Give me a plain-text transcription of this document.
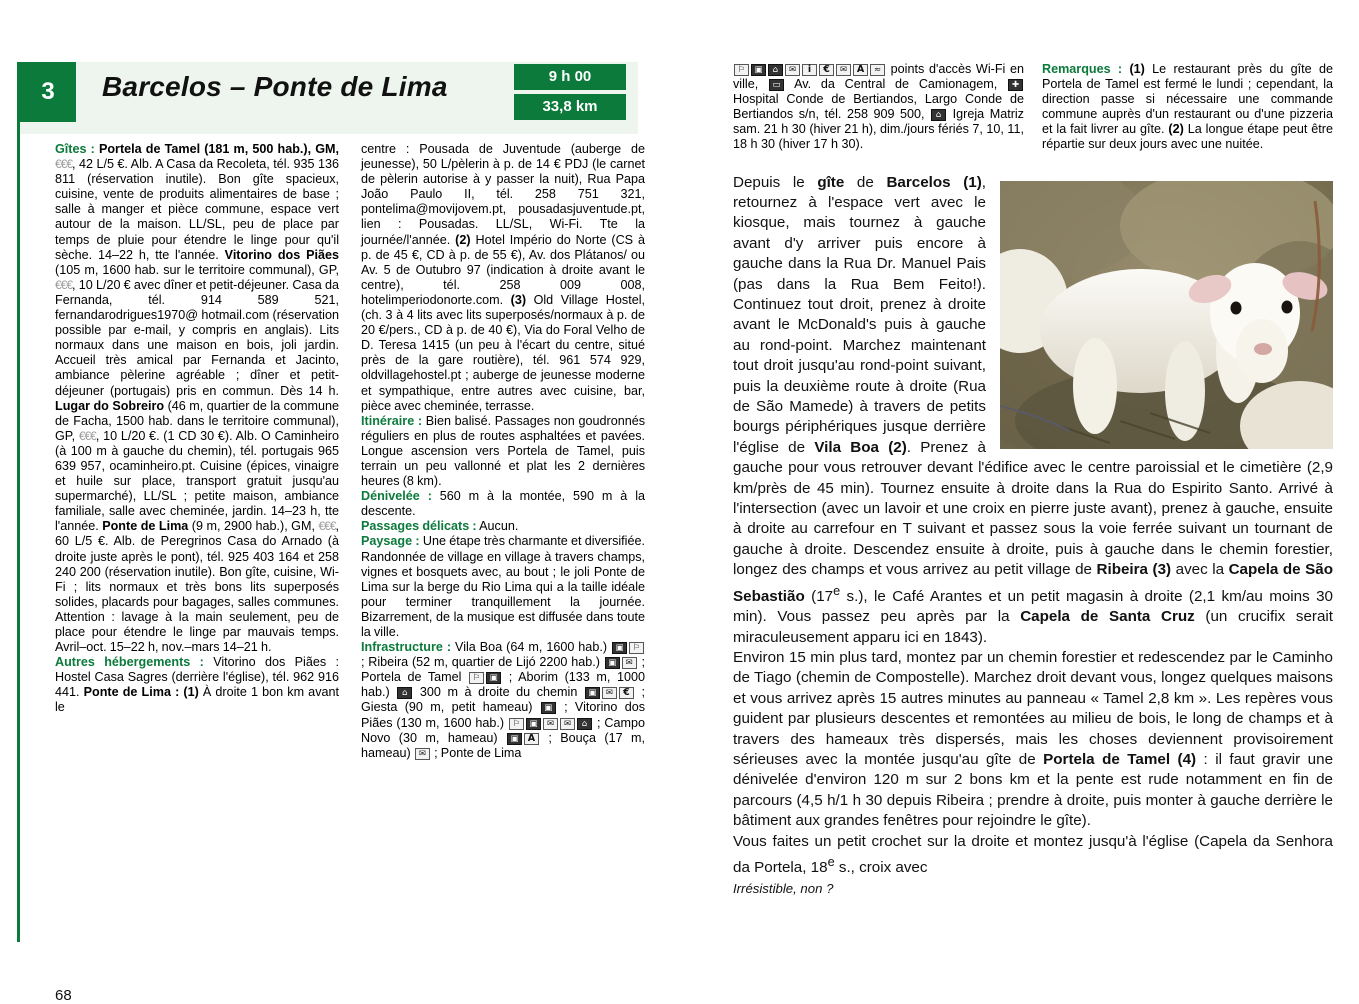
3	Barcelos – Ponte de Lima	9 h 00
33,8 km

Gîtes : Portela de Tamel (181 m, 500 hab.), GM, €€€, 42 L/5 €. Alb. A Casa da Recoleta, tél. 935 136 811 (réservation inutile). Bon gîte spacieux, cuisine, vente de produits alimentaires de base ; salle à manger et pièce commune, espace vert autour de la maison. LL/SL, peu de place par temps de pluie pour étendre le linge pour qu'il sèche. 14–22 h, tte l'année. Vitorino dos Piães (105 m, 1600 hab. sur le territoire communal), GP, €€€, 10 L/20 € avec dîner et petit-déjeuner. Casa da Fernanda, tél. 914 589 521, fernandarodrigues1970@ hotmail.com (réservation possible par e-mail, y compris en anglais). Lits normaux dans une maison en bois, joli jardin. Accueil très amical par Fernanda et Jacinto, ambiance pèlerine agréable ; dîner et petit-déjeuner (portugais) pris en commun. Dès 14 h. Lugar do Sobreiro (46 m, quartier de la commune de Facha, 1500 hab. dans le territoire communal), GP, €€€, 10 L/20 €. (1 CD 30 €). Alb. O Caminheiro (à 100 m à gauche du chemin), tél. portugais 965 639 957, ocaminheiro.pt. Cuisine (épices, vinaigre et huile sur place, transport gratuit jusqu'au supermarché), LL/SL ; petite maison, ambiance familiale, salle avec cheminée, jardin. 14–23 h, tte l'année. Ponte de Lima (9 m, 2900 hab.), GM, €€€, 60 L/5 €. Alb. de Peregrinos Casa do Arnado (à droite juste après le pont), tél. 925 403 164 et 258 240 200 (réservation inutile). Bon gîte, cuisine, Wi-Fi ; lits normaux et très bons lits superposés solides, placards pour bagages, salles communes. Attention : lavage à la main seulement, peu de place pour étendre le linge par mauvais temps. Avril–oct. 15–22 h, nov.–mars 14–21 h.

Autres hébergements : Vitorino dos Piães : Hostel Casa Sagres (derrière l'église), tél. 962 916 441. Ponte de Lima : (1) À droite 1 bon km avant le

centre : Pousada de Juventude (auberge de jeunesse), 50 L/pèlerin à p. de 14 € PDJ (le carnet de pèlerin autorise à y passer la nuit), Rua Papa João Paulo II, tél. 258 751 321, pontelima@movijovem.pt, pousadasjuventude.pt, lien : Pousadas. LL/SL, Wi-Fi. Tte la journée/l'année. (2) Hotel Império do Norte (CS à p. de 45 €, CD à p. de 55 €), Av. dos Plátanos/ ou Av. 5 de Outubro 97 (indication à droite avant le centre), tél. 258 009 008, hotelimperiodonorte.com. (3) Old Village Hostel, (ch. 3 à 4 lits avec lits superposés/normaux à p. de 20 €/pers., CD à p. de 40 €), Via do Foral Velho de D. Teresa 1415 (un peu à l'écart du centre, situé près de la gare routière), tél. 961 574 929, oldvillagehostel.pt ; auberge de jeunesse moderne et sympathique, entre autres avec cuisine, bar, pièce avec cheminée, terrasse.

Itinéraire : Bien balisé. Passages non goudronnés réguliers en plus de routes asphaltées et pavées. Longue ascension vers Portela de Tamel, puis terrain un peu vallonné et plat les 2 dernières heures (8 km).

Dénivelée : 560 m à la montée, 590 m à la descente.

Passages délicats : Aucun.

Paysage : Une étape très charmante et diversifiée. Randonnée de village en village à travers champs, vignes et bosquets avec, au bout ; le joli Ponte de Lima sur la berge du Rio Lima qui a la taille idéale pour terminer tranquillement la journée. Bizarrement, de la musique est diffusée dans toute la ville.

Infrastructure : Vila Boa (64 m, 1600 hab.) ▣ ⚐ ; Ribeira (52 m, quartier de Lijó 2200 hab.) ▣ ✉ ; Portela de Tamel ⚐ ▣ ; Aborim (133 m, 1000 hab.) ⌂ 300 m à droite du chemin ▣ ✉ € ; Giesta (90 m, petit hameau) ▣ ; Vitorino dos Piães (130 m, 1600 hab.) ⚐ ▣ ✉ ✉ ⌂ ; Campo Novo (30 m, hameau) ▣ A ; Bouça (17 m, hameau) ✉ ; Ponte de Lima

68

⚐ ▣ ⌂ ✉ i € ✉ A ≈ points d'accès Wi-Fi en ville, ▭ Av. da Central de Camionagem, ✚ Hospital Conde de Bertiandos, Largo Conde de Bertiandos s/n, tél. 258 909 500, ⌂ Igreja Matriz sam. 21 h 30 (hiver 21 h), dim./jours fériés 7, 10, 11, 18 h 30 (hiver 17 h 30).

Remarques : (1) Le restaurant près du gîte de Portela de Tamel est fermé le lundi ; cependant, la direction passe si nécessaire une commande commune auprès d'un restaurant ou d'une pizzeria et la fait livrer au gîte. (2) La longue étape peut être répartie sur deux jours avec une nuitée.

Depuis le gîte de Barcelos (1), retournez à l'espace vert avec le kiosque, mais tournez à gauche avant d'y arriver puis encore à gauche dans la Rua Dr. Manuel Pais (pas dans la Rua Bem Feito!). Continuez tout droit, prenez à droite avant le McDonald's puis à gauche au rond-point. Marchez maintenant tout droit jusqu'au rond-point suivant, puis la deuxième route à droite (Rua de São Mamede) à travers de petits bourgs périphériques jusque derrière l'église de Vila Boa (2). Prenez à gauche pour vous retrouver devant l'édifice avec le centre paroissial et le cimetière (2,9 km/près de 45 min). Tournez ensuite à droite dans la Rua do Espirito Santo. Arrivé à l'intersection (avec un lavoir et une croix en pierre juste avant), prenez à gauche, ensuite à droite au carrefour en T suivant et passez sous la voie ferrée suivant un tournant de gauche à droite. Descendez ensuite à droite, puis à gauche dans le chemin forestier, longez des champs et vous arrivez au petit village de Ribeira (3) avec la Capela de São Sebastião (17e s.), le Café Arantes et un petit magasin à droite (2,1 km/au moins 30 min). Vous passez peu après par la Capela de Santa Cruz (un crucifix serait miraculeusement apparu ici en 1843).

Environ 15 min plus tard, montez par un chemin forestier et redescendez par le Caminho de Tiago (chemin de Compostelle). Marchez droit devant vous, longez quelques maisons et vous arrivez après 15 autres minutes au panneau « Tamel 2,8 km ». Les repères vous guident par plusieurs descentes et remontées au milieu de bois, le long de champs et à travers des hameaux très dispersés, mais les choses deviennent provisoirement sérieuses avec la montée jusqu'au gîte de Portela de Tamel (4) : il faut gravir une dénivelée d'environ 120 m sur 2 bons km et la pente est rude notamment en fin de parcours (4,5 h/1 h 30 depuis Ribeira ; prendre à droite, puis monter à gauche derrière le bâtiment aux grandes fenêtres pour rejoindre le gîte).

Vous faites un petit crochet sur la droite et montez jusqu'à l'église (Capela da Senhora da Portela, 18e s., croix avec

Irrésistible, non ?
